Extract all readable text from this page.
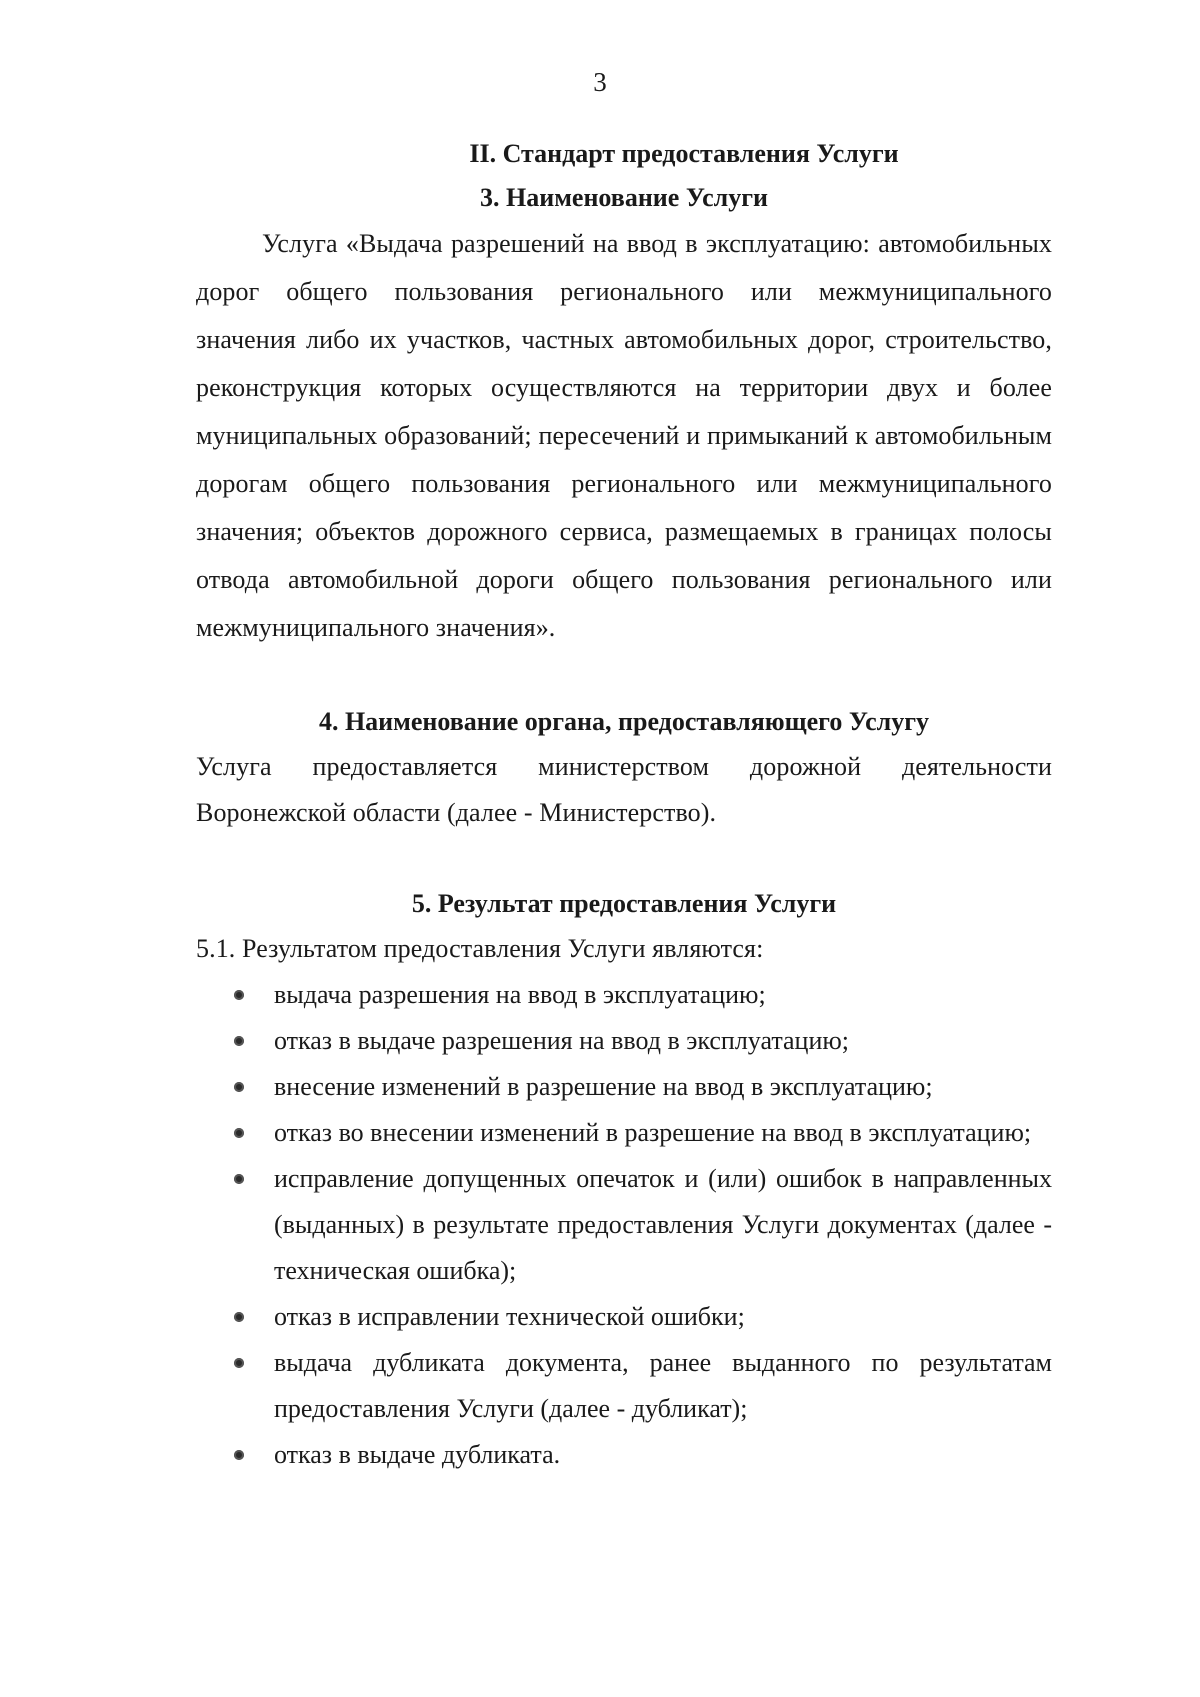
3
II. Стандарт предоставления Услуги
3. Наименование Услуги

Услуга «Выдача разрешений на ввод в эксплуатацию: автомобильных дорог общего пользования регионального или межмуниципального значения либо их участков, частных автомобильных дорог, строительство, реконструкция которых осуществляются на территории двух и более муниципальных образований; пересечений и примыканий к автомобильным дорогам общего пользования регионального или межмуниципального значения; объектов дорожного сервиса, размещаемых в границах полосы отвода автомобильной дороги общего пользования регионального или межмуниципального значения».

4. Наименование органа, предоставляющего Услугу

Услуга предоставляется министерством дорожной деятельности Воронежской области (далее - Министерство).

5. Результат предоставления Услуги

5.1. Результатом предоставления Услуги являются:

выдача разрешения на ввод в эксплуатацию;
отказ в выдаче разрешения на ввод в эксплуатацию;
внесение изменений в разрешение на ввод в эксплуатацию;
отказ во внесении изменений в разрешение на ввод в эксплуатацию;
исправление допущенных опечаток и (или) ошибок в направленных (выданных) в результате предоставления Услуги документах (далее - техническая ошибка);
отказ в исправлении технической ошибки;
выдача дубликата документа, ранее выданного по результатам предоставления Услуги (далее - дубликат);
отказ в выдаче дубликата.
